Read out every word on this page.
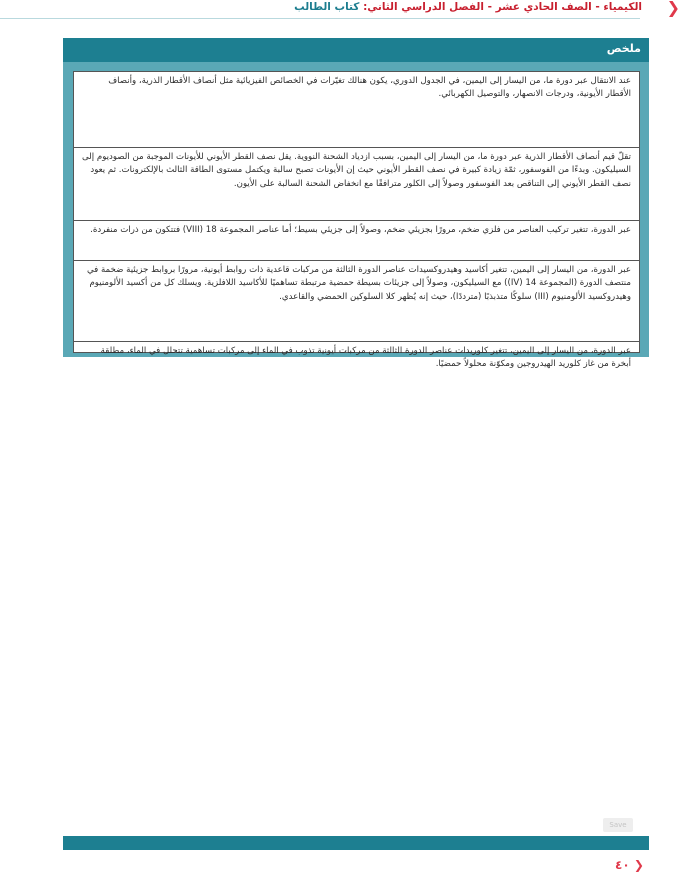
الكيمياء - الصف الحادي عشر - الفصل الدراسي الثاني: كتاب الطالب	❮
ملخص
عند الانتقال عبر دورة ما، من اليسار إلى اليمين، في الجدول الدوري، يكون هنالك تغيّرات في الخصائص الفيزيائية مثل أنصاف الأقطار الذرية، وأنصاف الأقطار الأيونية، ودرجات الانصهار، والتوصيل الكهربائي.
تقلّ قيم أنصاف الأقطار الذرية عبر دورة ما، من اليسار إلى اليمين، بسبب ازدياد الشحنة النووية. يقل نصف القطر الأيوني للأيونات الموجبة من الصوديوم إلى السيليكون. وبدءًا من الفوسفور، ثمّة زيادة كبيرة في نصف القطر الأيوني حيث إن الأيونات تصبح سالبة ويكتمل مستوى الطاقة الثالث بالإلكترونات. ثم يعود نصف القطر الأيوني إلى التناقص بعد الفوسفور وصولاً إلى الكلور مترافقًا مع انخفاض الشحنة السالبة على الأيون.
عبر الدورة، تتغير تركيب العناصر من فلزي ضخم، مرورًا بجزيئي ضخم، وصولاً إلى جزيئي بسيط؛ أما عناصر المجموعة 18 (VIII) فتتكون من ذرات منفردة.
عبر الدورة، من اليسار إلى اليمين، تتغير أكاسيد وهيدروكسيدات عناصر الدورة الثالثة من مركبات قاعدية ذات روابط أيونية، مرورًا بروابط جزيئية ضخمة في منتصف الدورة (المجموعة 14 (IV)) مع السيليكون، وصولاً إلى جزيئات بسيطة حمضية مرتبطة تساهميًا للأكاسيد اللافلزية. ويسلك كل من أكسيد الألومنيوم وهيدروكسيد الألومنيوم (III) سلوكًا متذبذبًا (مترددًا)، حيث إنه يُظهر كلا السلوكين الحمضي والقاعدي.
عبر الدورة، من اليسار إلى اليمين، تتغير كلوريدات عناصر الدورة الثالثة من مركبات أيونية تذوب في الماء إلى مركبات تساهمية تتحلل في الماء، مطلقة أبخرة من غاز كلوريد الهيدروجين ومكوّنة محلولاً حمضيًا.
Save
❮ ٤٠
